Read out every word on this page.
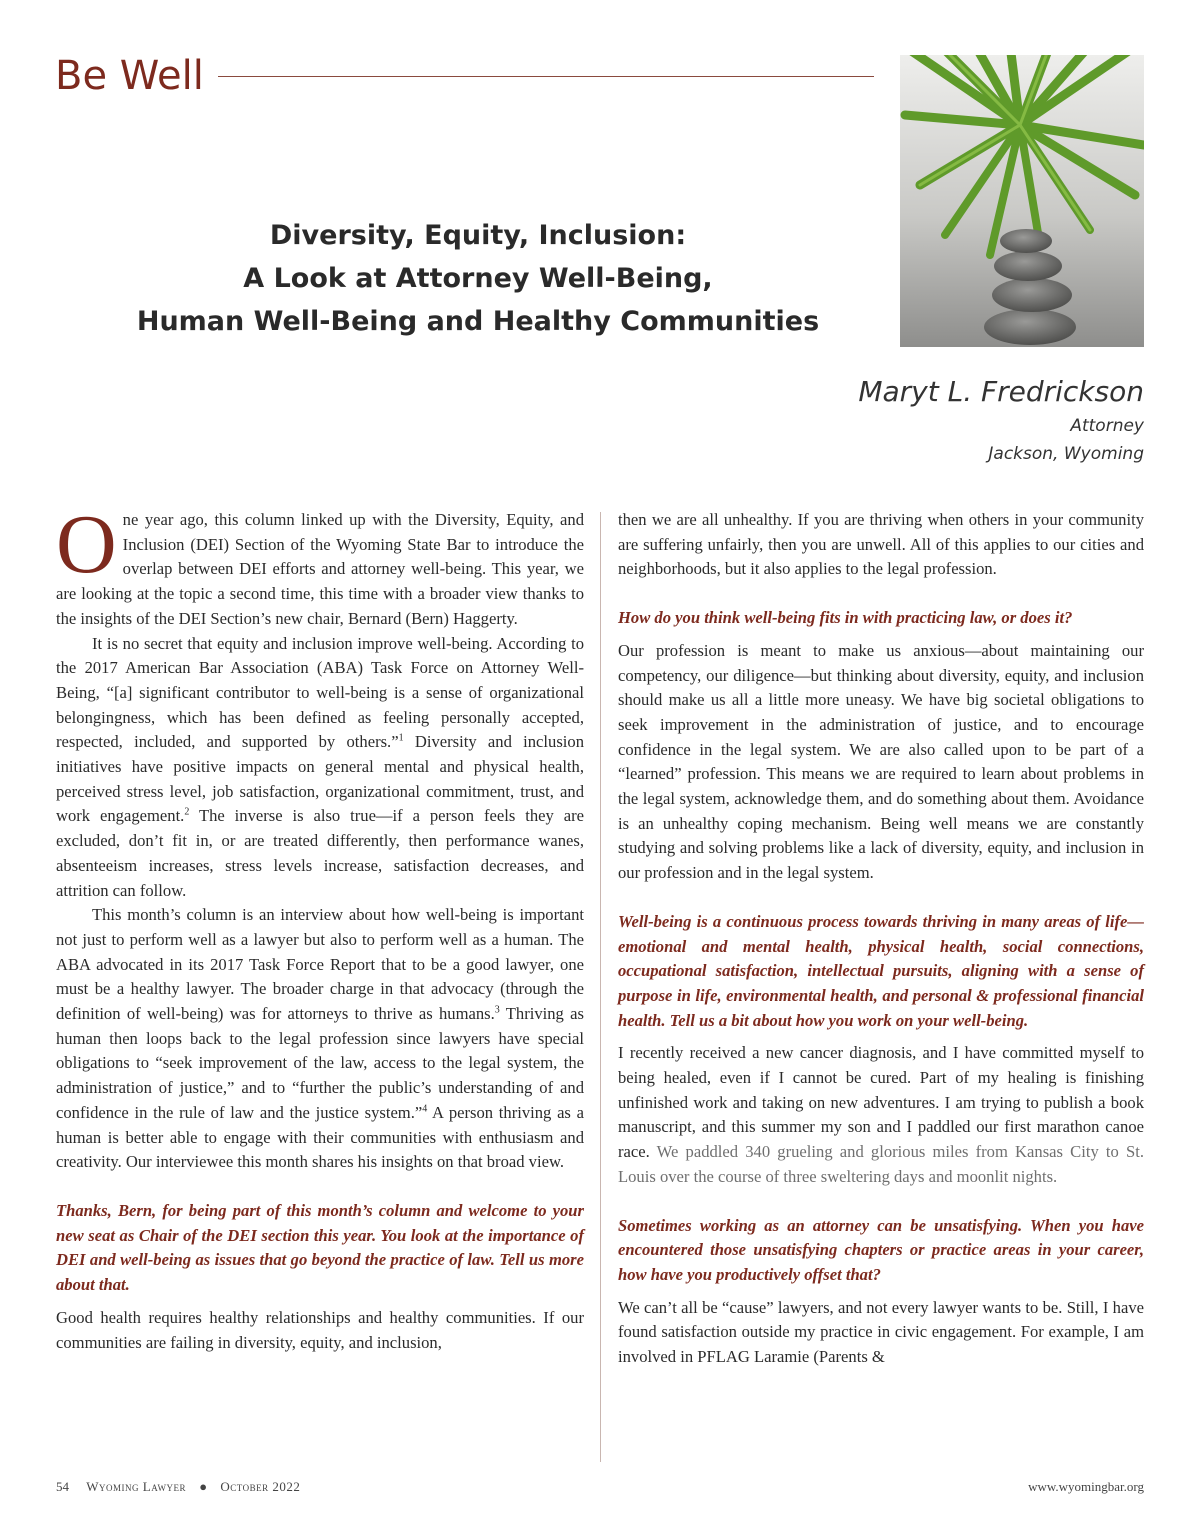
Be Well
Diversity, Equity, Inclusion:
A Look at Attorney Well-Being,
Human Well-Being and Healthy Communities
Maryt L. Fredrickson
Attorney
Jackson, Wyoming

One year ago, this column linked up with the Diversity, Equity, and Inclusion (DEI) Section of the Wyoming State Bar to introduce the overlap between DEI efforts and attorney well-being. This year, we are looking at the topic a second time, this time with a broader view thanks to the insights of the DEI Section’s new chair, Bernard (Bern) Haggerty.

It is no secret that equity and inclusion improve well-being. According to the 2017 American Bar Association (ABA) Task Force on Attorney Well-Being, “[a] significant contributor to well-being is a sense of organizational belongingness, which has been defined as feeling personally accepted, respected, included, and supported by others.”$^1$ Diversity and inclusion initiatives have positive impacts on general mental and physical health, perceived stress level, job satisfaction, organizational commitment, trust, and work engagement.$^2$ The inverse is also true—if a person feels they are excluded, don’t fit in, or are treated differently, then performance wanes, absenteeism increases, stress levels increase, satisfaction decreases, and attrition can follow.

This month’s column is an interview about how well-being is important not just to perform well as a lawyer but also to perform well as a human. The ABA advocated in its 2017 Task Force Report that to be a good lawyer, one must be a healthy lawyer. The broader charge in that advocacy (through the definition of well-being) was for attorneys to thrive as humans.$^3$ Thriving as human then loops back to the legal profession since lawyers have special obligations to “seek improvement of the law, access to the legal system, the administration of justice,” and to “further the public’s understanding of and confidence in the rule of law and the justice system.”$^4$ A person thriving as a human is better able to engage with their communities with enthusiasm and creativity. Our interviewee this month shares his insights on that broad view.

Thanks, Bern, for being part of this month’s column and welcome to your new seat as Chair of the DEI section this year. You look at the importance of DEI and well-being as issues that go beyond the practice of law. Tell us more about that.

Good health requires healthy relationships and healthy communities. If our communities are failing in diversity, equity, and inclusion,

then we are all unhealthy. If you are thriving when others in your community are suffering unfairly, then you are unwell. All of this applies to our cities and neighborhoods, but it also applies to the legal profession.

How do you think well-being fits in with practicing law, or does it?

Our profession is meant to make us anxious—about maintaining our competency, our diligence—but thinking about diversity, equity, and inclusion should make us all a little more uneasy. We have big societal obligations to seek improvement in the administration of justice, and to encourage confidence in the legal system. We are also called upon to be part of a “learned” profession. This means we are required to learn about problems in the legal system, acknowledge them, and do something about them. Avoidance is an unhealthy coping mechanism. Being well means we are constantly studying and solving problems like a lack of diversity, equity, and inclusion in our profession and in the legal system.

Well-being is a continuous process towards thriving in many areas of life—emotional and mental health, physical health, social connections, occupational satisfaction, intellectual pursuits, aligning with a sense of purpose in life, environmental health, and personal & professional financial health. Tell us a bit about how you work on your well-being.

I recently received a new cancer diagnosis, and I have committed myself to being healed, even if I cannot be cured. Part of my healing is finishing unfinished work and taking on new adventures. I am trying to publish a book manuscript, and this summer my son and I paddled our first marathon canoe race. We paddled 340 grueling and glorious miles from Kansas City to St. Louis over the course of three sweltering days and moonlit nights.

Sometimes working as an attorney can be unsatisfying. When you have encountered those unsatisfying chapters or practice areas in your career, how have you productively offset that?

We can’t all be “cause” lawyers, and not every lawyer wants to be. Still, I have found satisfaction outside my practice in civic engagement. For example, I am involved in PFLAG Laramie (Parents &

54 Wyoming Lawyer ● October 2022	www.wyomingbar.org
